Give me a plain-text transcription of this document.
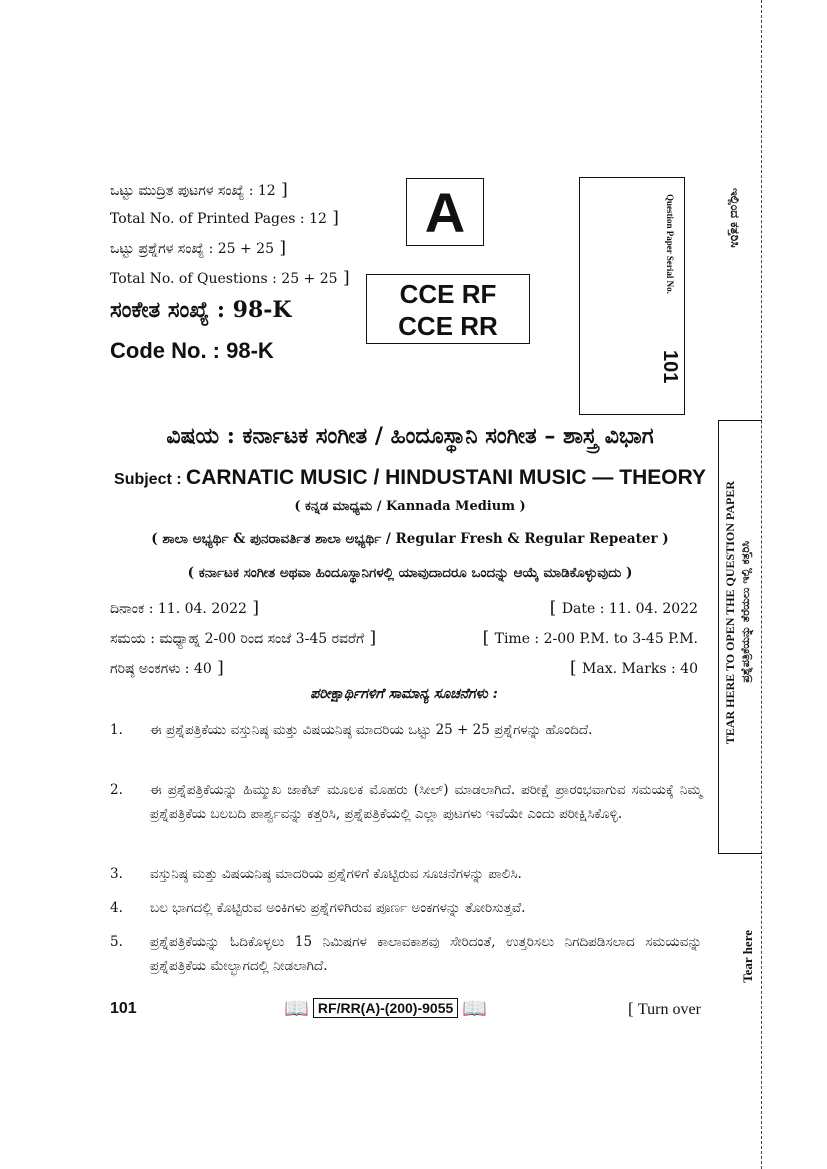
ಒಟ್ಟು ಮುದ್ರಿತ ಪುಟಗಳ ಸಂಖ್ಯೆ : 12 ]
Total No. of Printed Pages : 12 ]
ಒಟ್ಟು ಪ್ರಶ್ನೆಗಳ ಸಂಖ್ಯೆ : 25 + 25 ]
Total No. of Questions : 25 + 25 ]
ಸಂಕೇತ ಸಂಖ್ಯೆ : 98-K
Code No. : 98-K
A
CCE RF
CCE RR
Question Paper Serial No.
101
ಇಲ್ಲಿಂದ ಕತ್ತರಿಸಿ
TEAR HERE TO OPEN THE QUESTION PAPER ಪ್ರಶ್ನೆಪತ್ರಿಕೆಯನ್ನು ತೆರೆಯಲು ಇಲ್ಲಿ ಕತ್ತರಿಸಿ
Tear here
ವಿಷಯ : ಕರ್ನಾಟಕ ಸಂಗೀತ / ಹಿಂದೂಸ್ಥಾನಿ ಸಂಗೀತ – ಶಾಸ್ತ್ರ ವಿಭಾಗ
Subject : CARNATIC MUSIC / HINDUSTANI MUSIC — THEORY
( ಕನ್ನಡ ಮಾಧ್ಯಮ / Kannada Medium )
( ಶಾಲಾ ಅಭ್ಯರ್ಥಿ & ಪುನರಾವರ್ತಿತ ಶಾಲಾ ಅಭ್ಯರ್ಥಿ / Regular Fresh & Regular Repeater )
( ಕರ್ನಾಟಕ ಸಂಗೀತ ಅಥವಾ ಹಿಂದೂಸ್ಥಾನಿಗಳಲ್ಲಿ ಯಾವುದಾದರೂ ಒಂದನ್ನು ಆಯ್ಕೆ ಮಾಡಿಕೊಳ್ಳುವುದು )
ದಿನಾಂಕ : 11. 04. 2022 ]	[ Date : 11. 04. 2022
ಸಮಯ : ಮಧ್ಯಾಹ್ನ 2-00 ರಿಂದ ಸಂಜೆ 3-45 ರವರೆಗೆ ]	[ Time : 2-00 P.M. to 3-45 P.M.
ಗರಿಷ್ಠ ಅಂಕಗಳು : 40 ]	[ Max. Marks : 40
ಪರೀಕ್ಷಾರ್ಥಿಗಳಿಗೆ ಸಾಮಾನ್ಯ ಸೂಚನೆಗಳು :
1.	ಈ ಪ್ರಶ್ನೆಪತ್ರಿಕೆಯು ವಸ್ತುನಿಷ್ಠ ಮತ್ತು ವಿಷಯನಿಷ್ಠ ಮಾದರಿಯ ಒಟ್ಟು 25 + 25 ಪ್ರಶ್ನೆಗಳನ್ನು ಹೊಂದಿದೆ.
2.	ಈ ಪ್ರಶ್ನೆಪತ್ರಿಕೆಯನ್ನು ಹಿಮ್ಮುಖ ಜಾಕೆಟ್ ಮೂಲಕ ಮೊಹರು (ಸೀಲ್) ಮಾಡಲಾಗಿದೆ. ಪರೀಕ್ಷೆ ಪ್ರಾರಂಭವಾಗುವ ಸಮಯಕ್ಕೆ ನಿಮ್ಮ ಪ್ರಶ್ನೆಪತ್ರಿಕೆಯ ಬಲಬದಿ ಪಾರ್ಶ್ವವನ್ನು ಕತ್ತರಿಸಿ, ಪ್ರಶ್ನೆಪತ್ರಿಕೆಯಲ್ಲಿ ಎಲ್ಲಾ ಪುಟಗಳು ಇವೆಯೇ ಎಂದು ಪರೀಕ್ಷಿಸಿಕೊಳ್ಳಿ.
3.	ವಸ್ತುನಿಷ್ಠ ಮತ್ತು ವಿಷಯನಿಷ್ಠ ಮಾದರಿಯ ಪ್ರಶ್ನೆಗಳಿಗೆ ಕೊಟ್ಟಿರುವ ಸೂಚನೆಗಳನ್ನು ಪಾಲಿಸಿ.
4.	ಬಲ ಭಾಗದಲ್ಲಿ ಕೊಟ್ಟಿರುವ ಅಂಕಿಗಳು ಪ್ರಶ್ನೆಗಳಿಗಿರುವ ಪೂರ್ಣ ಅಂಕಗಳನ್ನು ತೋರಿಸುತ್ತವೆ.
5.	ಪ್ರಶ್ನೆಪತ್ರಿಕೆಯನ್ನು ಓದಿಕೊಳ್ಳಲು 15 ನಿಮಿಷಗಳ ಕಾಲಾವಕಾಶವು ಸೇರಿದಂತೆ, ಉತ್ತರಿಸಲು ನಿಗದಿಪಡಿಸಲಾದ ಸಮಯವನ್ನು ಪ್ರಶ್ನೆಪತ್ರಿಕೆಯ ಮೇಲ್ಭಾಗದಲ್ಲಿ ನೀಡಲಾಗಿದೆ.
101	📖 RF/RR(A)-(200)-9055 📖	[ Turn over
